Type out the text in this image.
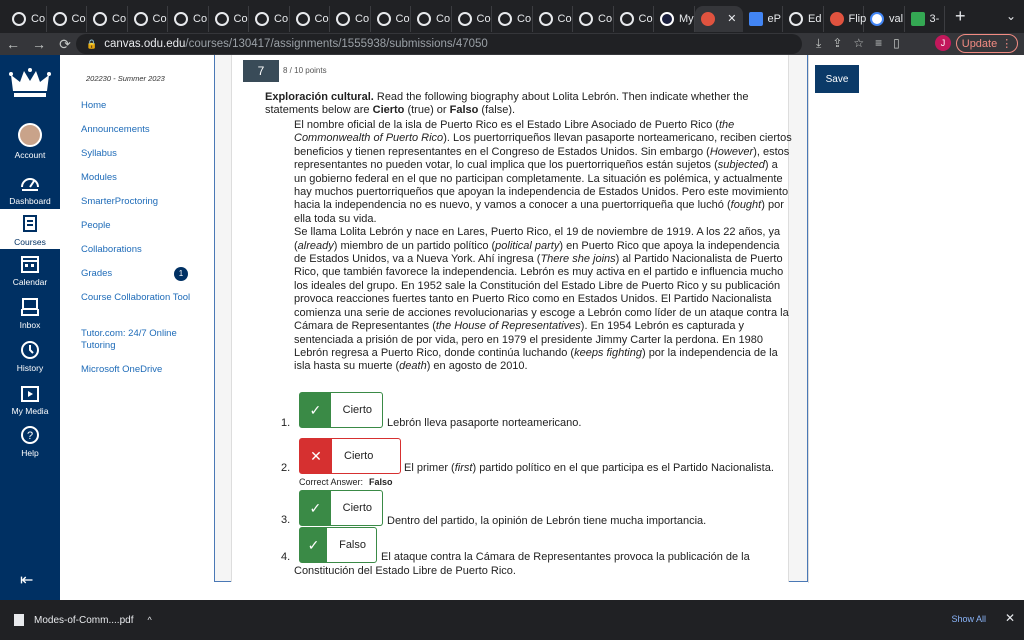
Co Co Co Co Co Co Co Co Co Co Co Co Co Co Co Co My	✕	eP Ed Flip val 3- +	⌄
← → ⟳	🔒 canvas.odu.edu /courses/130417/assignments/1555938/submissions/47050	⤓ ⇪ ☆ ≡ ▯	J	Update ⋮
Account
Dashboard
Courses
Calendar
Inbox
History
My Media
?
Help
⇤
202230 - Summer 2023
Home
Announcements
Syllabus
Modules
SmarterProctoring
People
Collaborations
Grades	1
Course Collaboration Tool
Tutor.com: 24/7 Online Tutoring
Microsoft OneDrive
7	8 / 10 points
Exploración cultural. Read the following biography about Lolita Lebrón. Then indicate whether the statements below are Cierto (true) or Falso (false).

El nombre oficial de la isla de Puerto Rico es el Estado Libre Asociado de Puerto Rico (the Commonwealth of Puerto Rico). Los puertorriqueños llevan pasaporte norteamericano, reciben ciertos beneficios y tienen representantes en el Congreso de Estados Unidos. Sin embargo (However), estos representantes no pueden votar, lo cual implica que los puertorriqueños están sujetos (subjected) a un gobierno federal en el que no participan completamente. La situación es polémica, y actualmente hay muchos puertorriqueños que apoyan la independencia de Estados Unidos. Pero este movimiento hacia la independencia no es nuevo, y vamos a conocer a una puertorriqueña que luchó (fought) por ella toda su vida.

Se llama Lolita Lebrón y nace en Lares, Puerto Rico, el 19 de noviembre de 1919. A los 22 años, ya (already) miembro de un partido político (political party) en Puerto Rico que apoya la independencia de Estados Unidos, va a Nueva York. Ahí ingresa (There she joins) al Partido Nacionalista de Puerto Rico, que también favorece la independencia. Lebrón es muy activa en el partido e influencia mucho los ideales del grupo. En 1952 sale la Constitución del Estado Libre de Puerto Rico y su publicación provoca reacciones fuertes tanto en Puerto Rico como en Estados Unidos. El Partido Nacionalista comienza una serie de acciones revolucionarias y escoge a Lebrón como líder de un ataque contra la Cámara de Representantes (the House of Representatives). En 1954 Lebrón es capturada y sentenciada a prisión de por vida, pero en 1979 el presidente Jimmy Carter la perdona. En 1980 Lebrón regresa a Puerto Rico, donde continúa luchando (keeps fighting) por la independencia de la isla hasta su muerte (death) en agosto de 2010.

1.
✓	Cierto
Lebrón lleva pasaporte norteamericano.
2.
✕	Cierto
El primer (first) partido político en el que participa es el Partido Nacionalista.
Correct Answer: Falso
3.
✓	Cierto
Dentro del partido, la opinión de Lebrón tiene mucha importancia.
4.
✓	Falso
El ataque contra la Cámara de Representantes provoca la publicación de la Constitución del Estado Libre de Puerto Rico.
Save
Modes-of-Comm....pdf ^	Show All ✕
